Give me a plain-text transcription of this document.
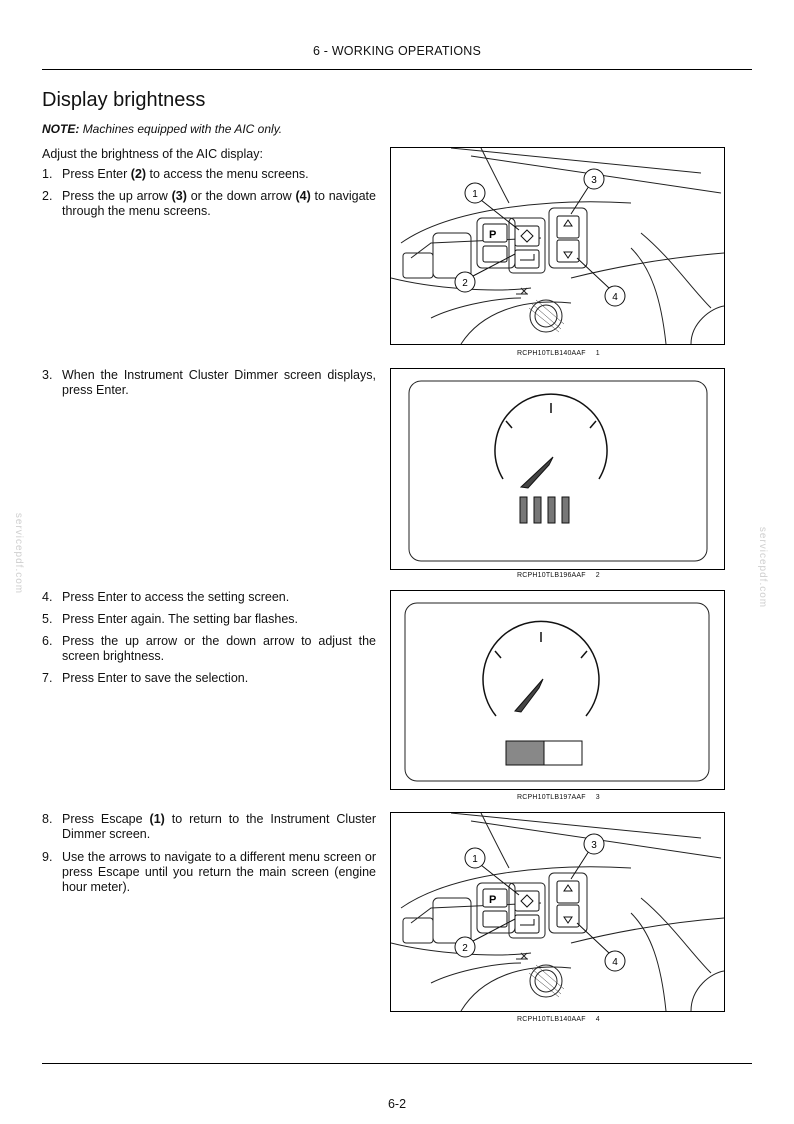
6 - WORKING OPERATIONS
Display brightness
NOTE: Machines equipped with the AIC only.
Adjust the brightness of the AIC display:
1. Press Enter (2) to access the menu screens.
2. Press the up arrow (3) or the down arrow (4) to navigate through the menu screens.
3. When the Instrument Cluster Dimmer screen displays, press Enter.
4. Press Enter to access the setting screen.
5. Press Enter again. The setting bar flashes.
6. Press the up arrow or the down arrow to adjust the screen brightness.
7. Press Enter to save the selection.
8. Press Escape (1) to return to the Instrument Cluster Dimmer screen.
9. Use the arrows to navigate to a different menu screen or press Escape until you return the main screen (engine hour meter).
P
1
2
3
4
RCPH10TLB140AAF 1
RCPH10TLB196AAF 2
RCPH10TLB197AAF 3
P
1
2
3
4
RCPH10TLB140AAF 4
servicepdf.com	servicepdf.com
6-2
